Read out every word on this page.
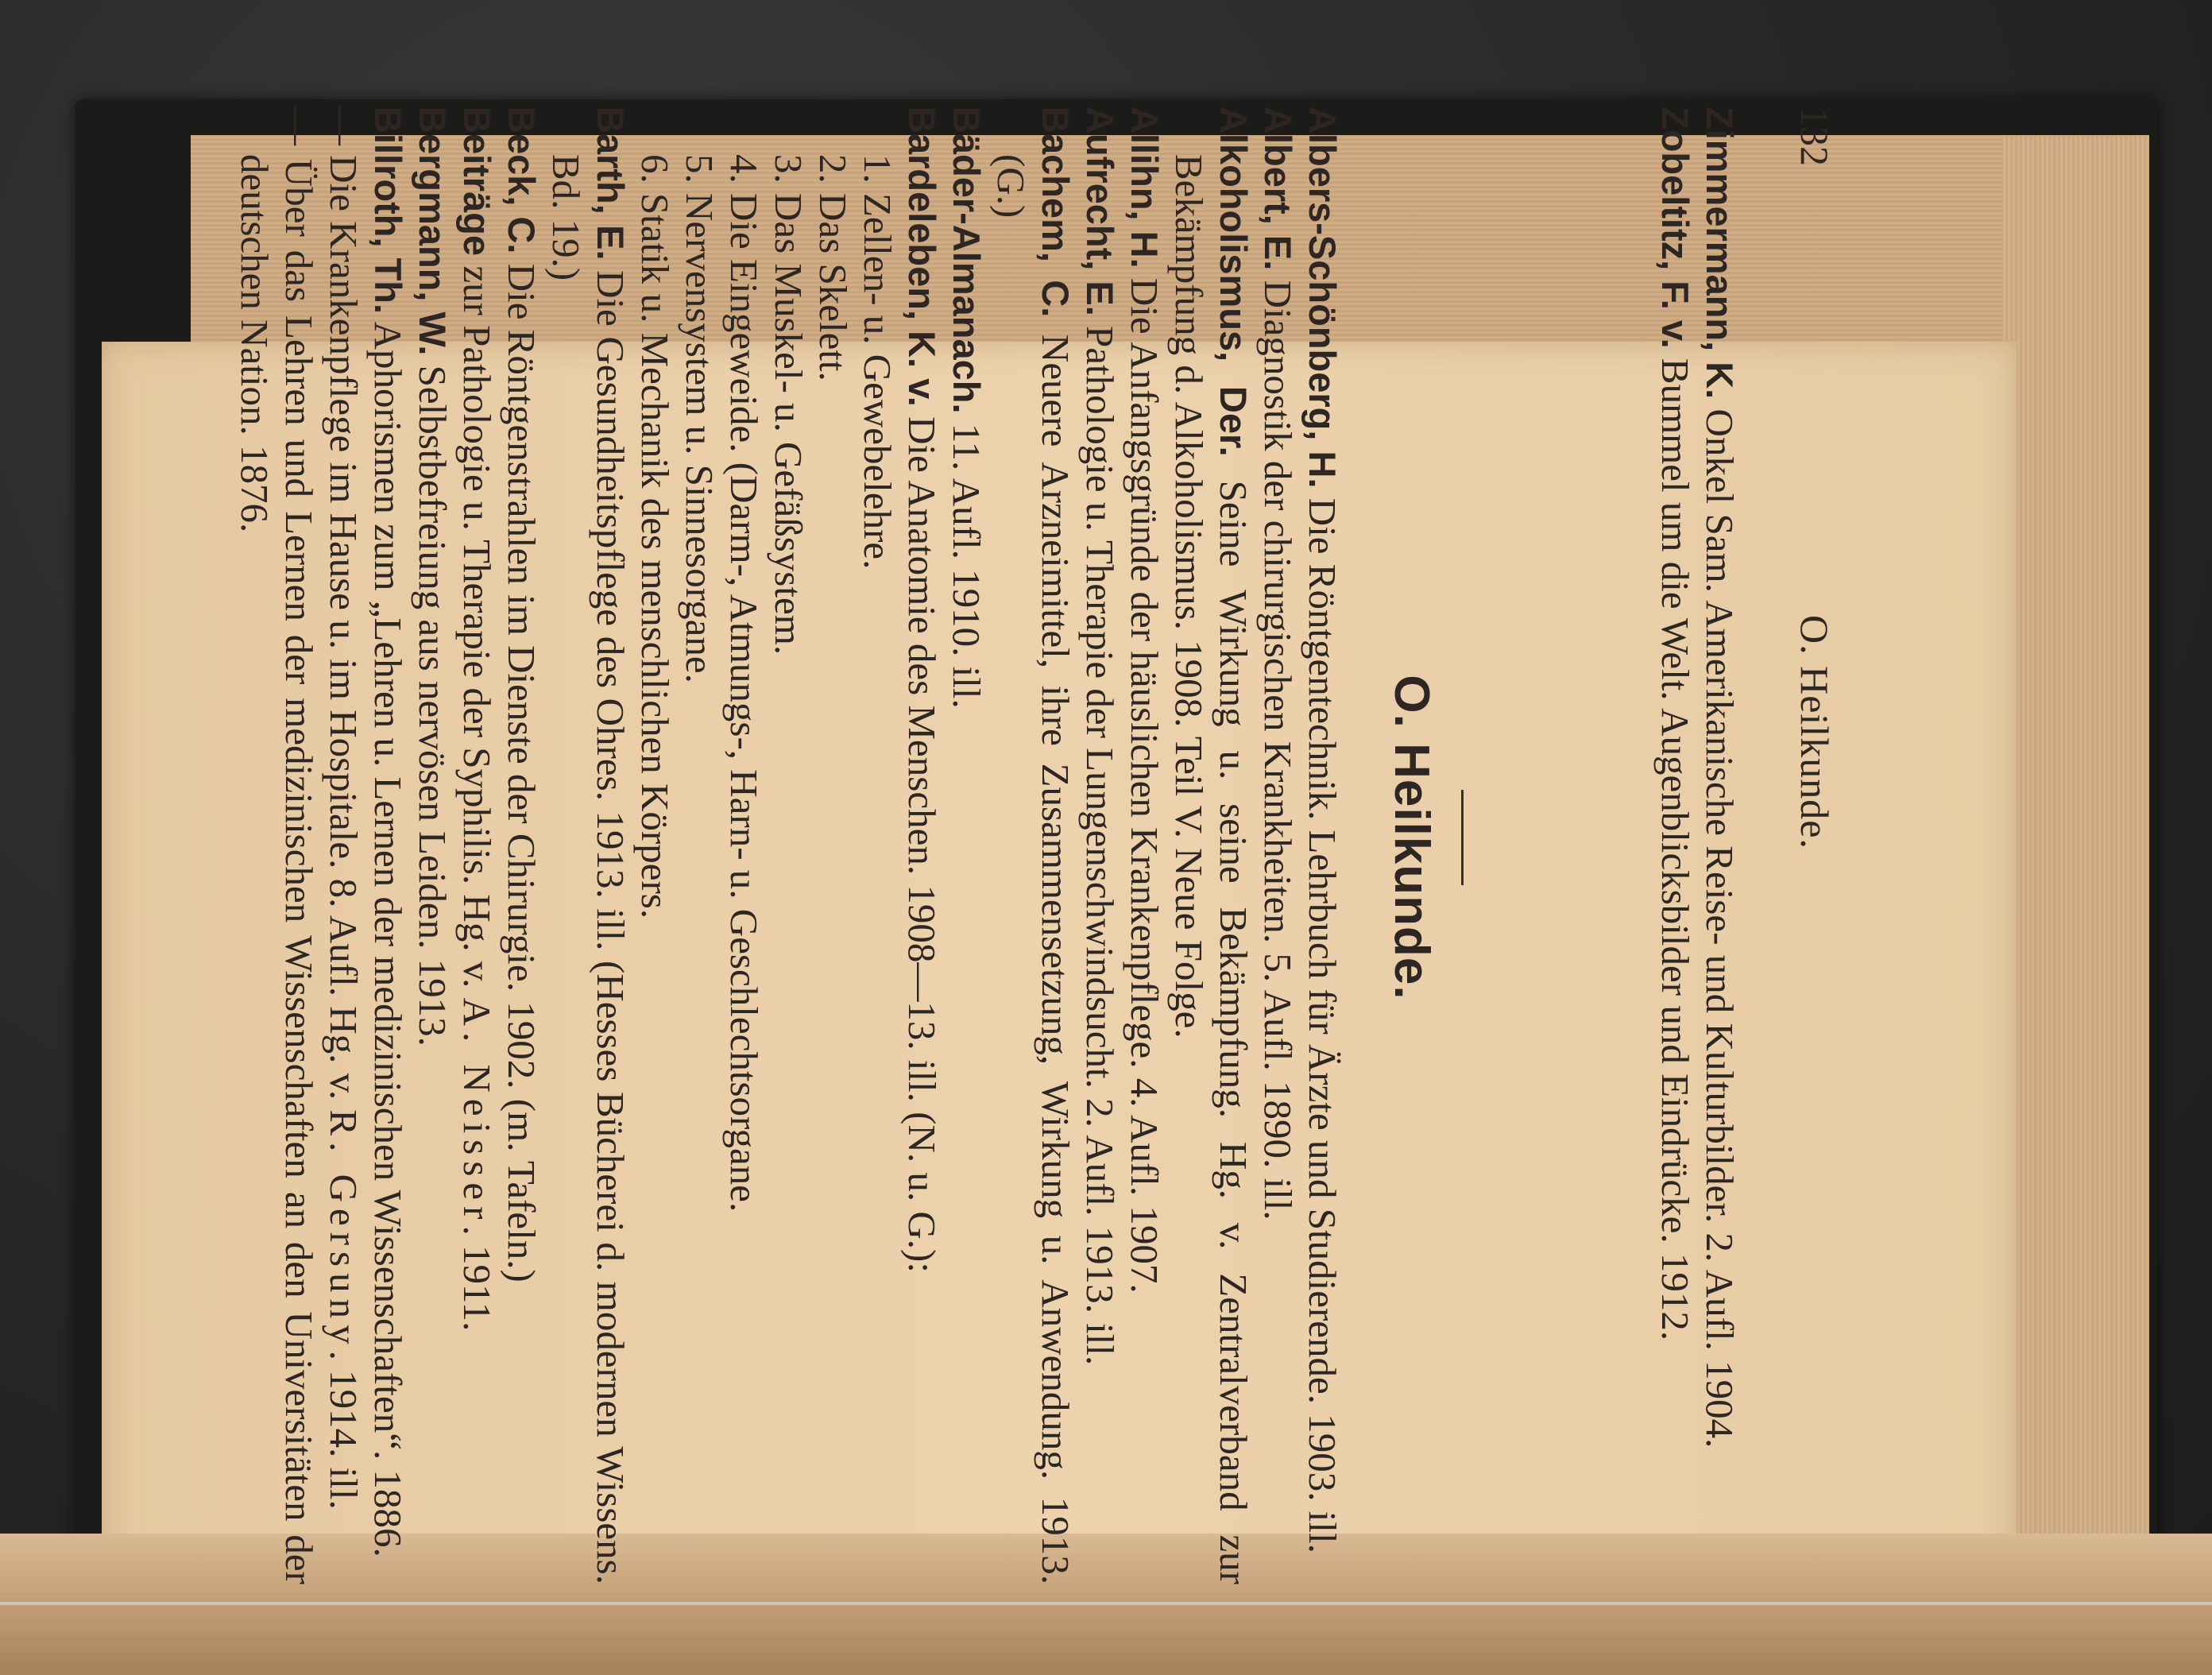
132
O. Heilkunde.

Zimmermann, K. Onkel Sam. Amerikanische Reise- und Kulturbilder. 2. Aufl. 1904.

Zobeltitz, F. v. Bummel um die Welt. Augenblicksbilder und Eindrücke. 1912.

O. Heilkunde.

Albers-Schönberg, H. Die Röntgentechnik. Lehrbuch für Ärzte und Studierende. 1903. ill.

Albert, E. Diagnostik der chirurgischen Krankheiten. 5. Aufl. 1890. ill.

Alkoholismus, Der. Seine Wirkung u. seine Bekämpfung. Hg. v. Zentralverband zur Bekämpfung d. Alkoholismus. 1908. Teil V. Neue Folge.

Allihn, H. Die Anfangsgründe der häuslichen Krankenpflege. 4. Aufl. 1907.

Aufrecht, E. Pathologie u. Therapie der Lungenschwindsucht. 2. Aufl. 1913. ill.

Bachem, C. Neuere Arzneimittel, ihre Zusammensetzung, Wirkung u. Anwendung. 1913. (G.)

Bäder-Almanach. 11. Aufl. 1910. ill.

Bardeleben, K. v. Die Anatomie des Menschen. 1908—13. ill. (N. u. G.):

1. Zellen- u. Gewebelehre.

2. Das Skelett.

3. Das Muskel- u. Gefäßsystem.

4. Die Eingeweide. (Darm-, Atmungs-, Harn- u. Geschlechtsorgane.

5. Nervensystem u. Sinnesorgane.

6. Statik u. Mechanik des menschlichen Körpers.

Barth, E. Die Gesundheitspflege des Ohres. 1913. ill. (Hesses Bücherei d. modernen Wissens. Bd. 19.)

Beck, C. Die Röntgenstrahlen im Dienste der Chirurgie. 1902. (m. Tafeln.)

Beiträge zur Pathologie u. Therapie der Syphilis. Hg. v. A. Neisser. 1911.

Bergmann, W. Selbstbefreiung aus nervösen Leiden. 1913.

Billroth, Th. Aphorismen zum „Lehren u. Lernen der medizinischen Wissenschaften“. 1886.

— Die Krankenpflege im Hause u. im Hospitale. 8. Aufl. Hg. v. R. Gersuny. 1914. ill.

— Über das Lehren und Lernen der medizinischen Wissenschaften an den Universitäten der deutschen Nation. 1876.
